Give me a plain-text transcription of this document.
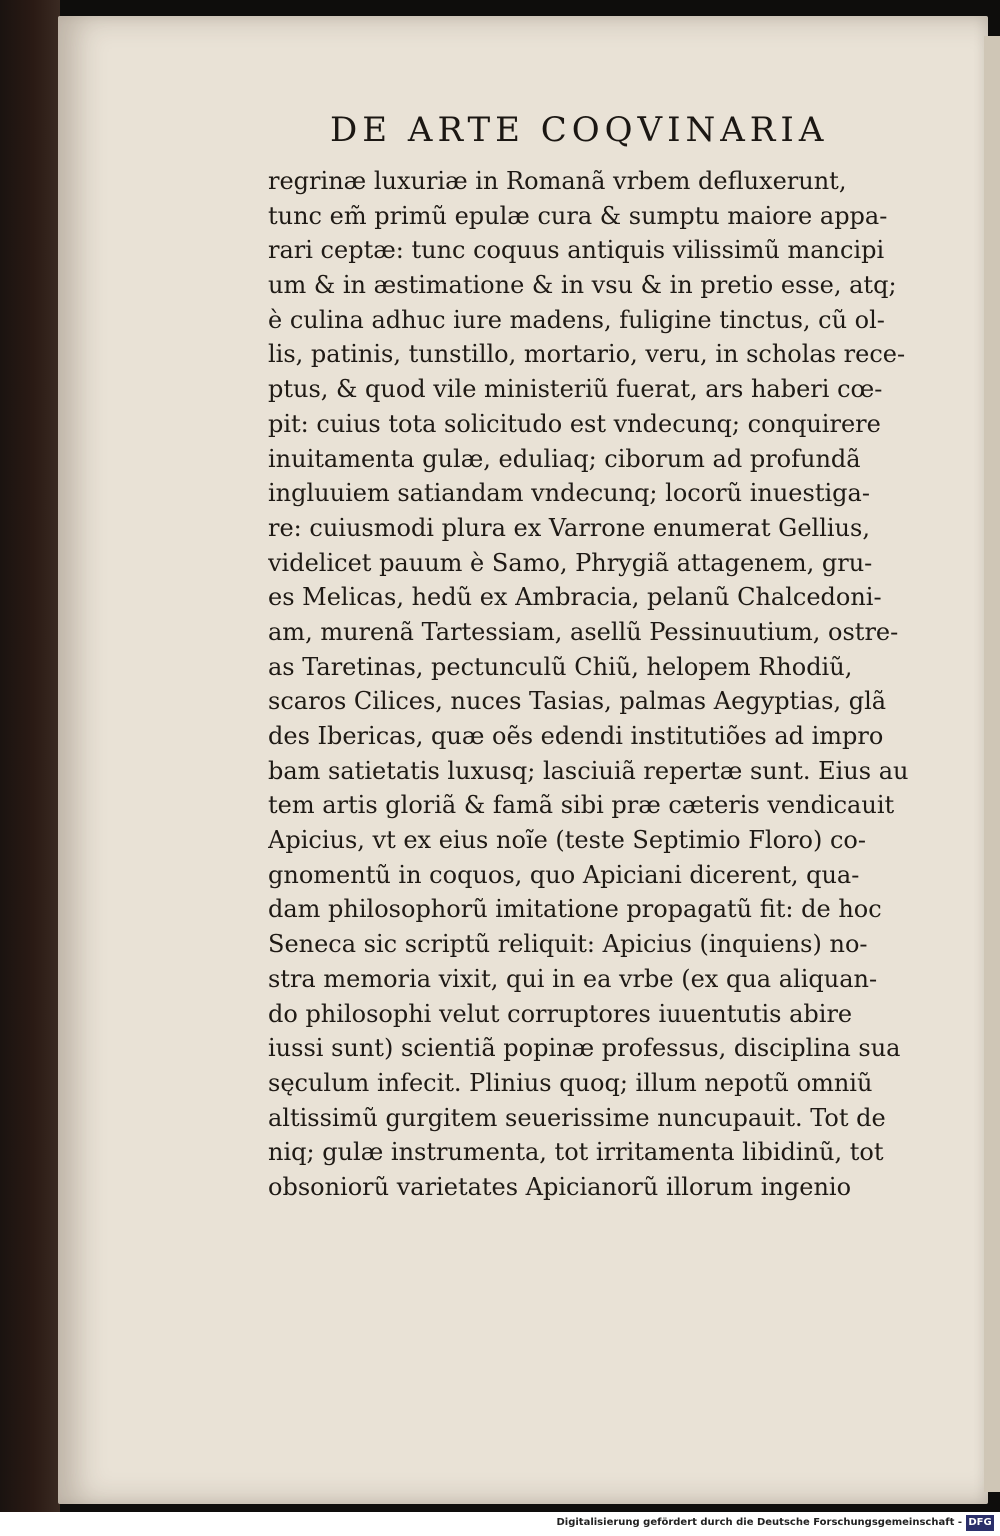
DE ARTE COQVINARIA
regrinæ luxuriæ in Romanã vrbem defluxerunt,
tunc em̃ primũ epulæ cura & sumptu maiore appa-
rari ceptæ: tunc coquus antiquis vilissimũ mancipi
um & in æstimatione & in vsu & in pretio esse, atq;
è culina adhuc iure madens, fuligine tinctus, cũ ol-
lis, patinis, tunstillo, mortario, veru, in scholas rece-
ptus, & quod vile ministeriũ fuerat, ars haberi cœ-
pit: cuius tota solicitudo est vndecunq; conquirere
inuitamenta gulæ, eduliaq; ciborum ad profundã
ingluuiem satiandam vndecunq; locorũ inuestiga-
re: cuiusmodi plura ex Varrone enumerat Gellius,
videlicet pauum è Samo, Phrygiã attagenem, gru-
es Melicas, hedũ ex Ambracia, pelanũ Chalcedoni-
am, murenã Tartessiam, asellũ Pessinuutium, ostre-
as Taretinas, pectunculũ Chiũ, helopem Rhodiũ,
scaros Cilices, nuces Tasias, palmas Aegyptias, glã
des Ibericas, quæ oẽs edendi institutiões ad impro
bam satietatis luxusq; lasciuiã repertæ sunt. Eius au
tem artis gloriã & famã sibi præ cæteris vendicauit
Apicius, vt ex eius noĩe (teste Septimio Floro) co-
gnomentũ in coquos, quo Apiciani dicerent, qua-
dam philosophorũ imitatione propagatũ fit: de hoc
Seneca sic scriptũ reliquit: Apicius (inquiens) no-
stra memoria vixit, qui in ea vrbe (ex qua aliquan-
do philosophi velut corruptores iuuentutis abire
iussi sunt) scientiã popinæ professus, disciplina sua
sęculum infecit. Plinius quoq; illum nepotũ omniũ
altissimũ gurgitem seuerissime nuncupauit. Tot de
niq; gulæ instrumenta, tot irritamenta libidinũ, tot
obsoniorũ varietates Apicianorũ illorum ingenio
Digitalisierung gefördert durch die Deutsche Forschungsgemeinschaft - DFG
